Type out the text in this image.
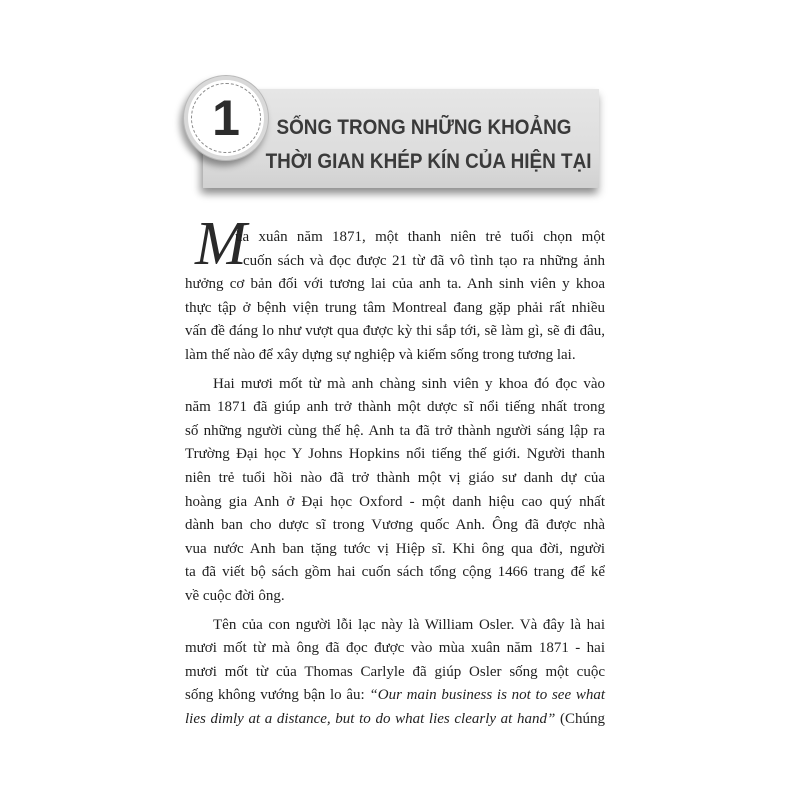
1	SỐNG TRONG NHỮNG KHOẢNG
THỜI GIAN KHÉP KÍN CỦA HIỆN TẠI
M
ùa xuân năm 1871, một thanh niên trẻ tuổi chọn một
cuốn sách và đọc được 21 từ đã vô tình tạo ra những ảnh
hưởng cơ bản đối với tương lai của anh ta. Anh sinh viên y khoa
thực tập ở bệnh viện trung tâm Montreal đang gặp phải rất nhiều
vấn đề đáng lo như vượt qua được kỳ thi sắp tới, sẽ làm gì, sẽ đi đâu,
làm thế nào để xây dựng sự nghiệp và kiếm sống trong tương lai.
Hai mươi mốt từ mà anh chàng sinh viên y khoa đó đọc vào
năm 1871 đã giúp anh trở thành một dược sĩ nổi tiếng nhất trong
số những người cùng thế hệ. Anh ta đã trở thành người sáng lập ra
Trường Đại học Y Johns Hopkins nổi tiếng thế giới. Người thanh
niên trẻ tuổi hồi nào đã trở thành một vị giáo sư danh dự của
hoàng gia Anh ở Đại học Oxford - một danh hiệu cao quý nhất
dành ban cho dược sĩ trong Vương quốc Anh. Ông đã được nhà
vua nước Anh ban tặng tước vị Hiệp sĩ. Khi ông qua đời, người
ta đã viết bộ sách gồm hai cuốn sách tổng cộng 1466 trang để kể
về cuộc đời ông.
Tên của con người lỗi lạc này là William Osler. Và đây là hai
mươi mốt từ mà ông đã đọc được vào mùa xuân năm 1871 - hai
mươi mốt từ của Thomas Carlyle đã giúp Osler sống một cuộc
sống không vướng bận lo âu: “Our main business is not to see what
lies dimly at a distance, but to do what lies clearly at hand” (Chúng
